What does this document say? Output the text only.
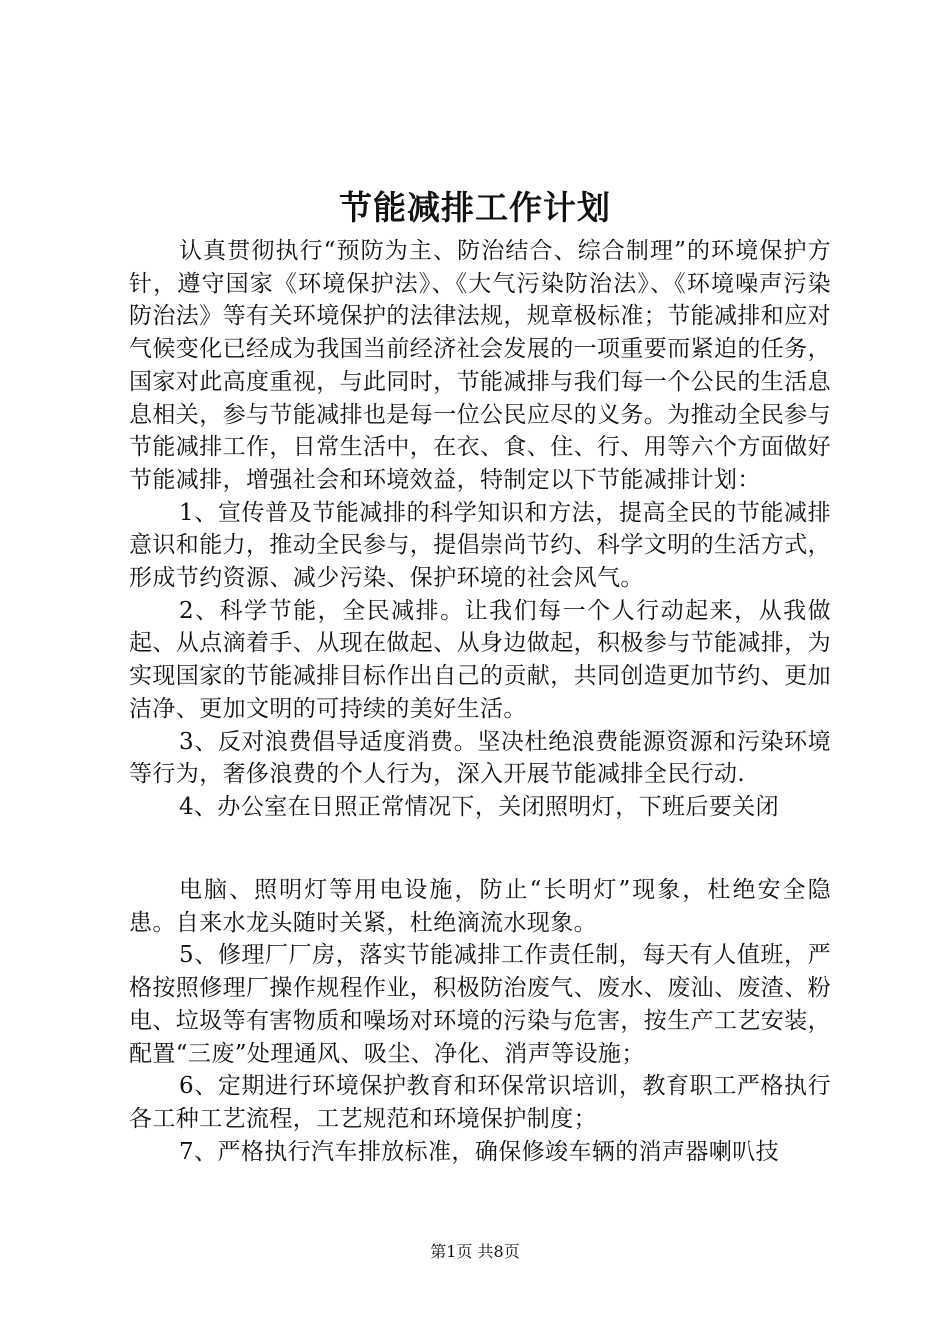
节能减排工作计划

认真贯彻执行“预防为主、防治结合、综合制理”的环境保护方针，遵守国家《环境保护法》、《大气污染防治法》、《环境噪声污染防治法》等有关环境保护的法律法规，规章极标准；节能减排和应对气候变化已经成为我国当前经济社会发展的一项重要而紧迫的任务，国家对此高度重视，与此同时，节能减排与我们每一个公民的生活息息相关，参与节能减排也是每一位公民应尽的义务。为推动全民参与节能减排工作，日常生活中，在衣、食、住、行、用等六个方面做好节能减排，增强社会和环境效益，特制定以下节能减排计划：

1、宣传普及节能减排的科学知识和方法，提高全民的节能减排意识和能力，推动全民参与，提倡崇尚节约、科学文明的生活方式，形成节约资源、减少污染、保护环境的社会风气。

2、科学节能，全民减排。让我们每一个人行动起来，从我做起、从点滴着手、从现在做起、从身边做起，积极参与节能减排，为实现国家的节能减排目标作出自己的贡献，共同创造更加节约、更加洁净、更加文明的可持续的美好生活。

3、反对浪费倡导适度消费。坚决杜绝浪费能源资源和污染环境等行为，奢侈浪费的个人行为，深入开展节能减排全民行动.

4、办公室在日照正常情况下，关闭照明灯，下班后要关闭

电脑、照明灯等用电设施，防止“长明灯”现象，杜绝安全隐患。自来水龙头随时关紧，杜绝滴流水现象。

5、修理厂厂房，落实节能减排工作责任制，每天有人值班，严格按照修理厂操作规程作业，积极防治废气、废水、废汕、废渣、粉电、垃圾等有害物质和噪场对环境的污染与危害，按生产工艺安装，配置“三废”处理通风、吸尘、净化、消声等设施；

6、定期进行环境保护教育和环保常识培训，教育职工严格执行各工种工艺流程，工艺规范和环境保护制度；

7、严格执行汽车排放标准，确保修竣车辆的消声器喇叭技

第1页 共8页
